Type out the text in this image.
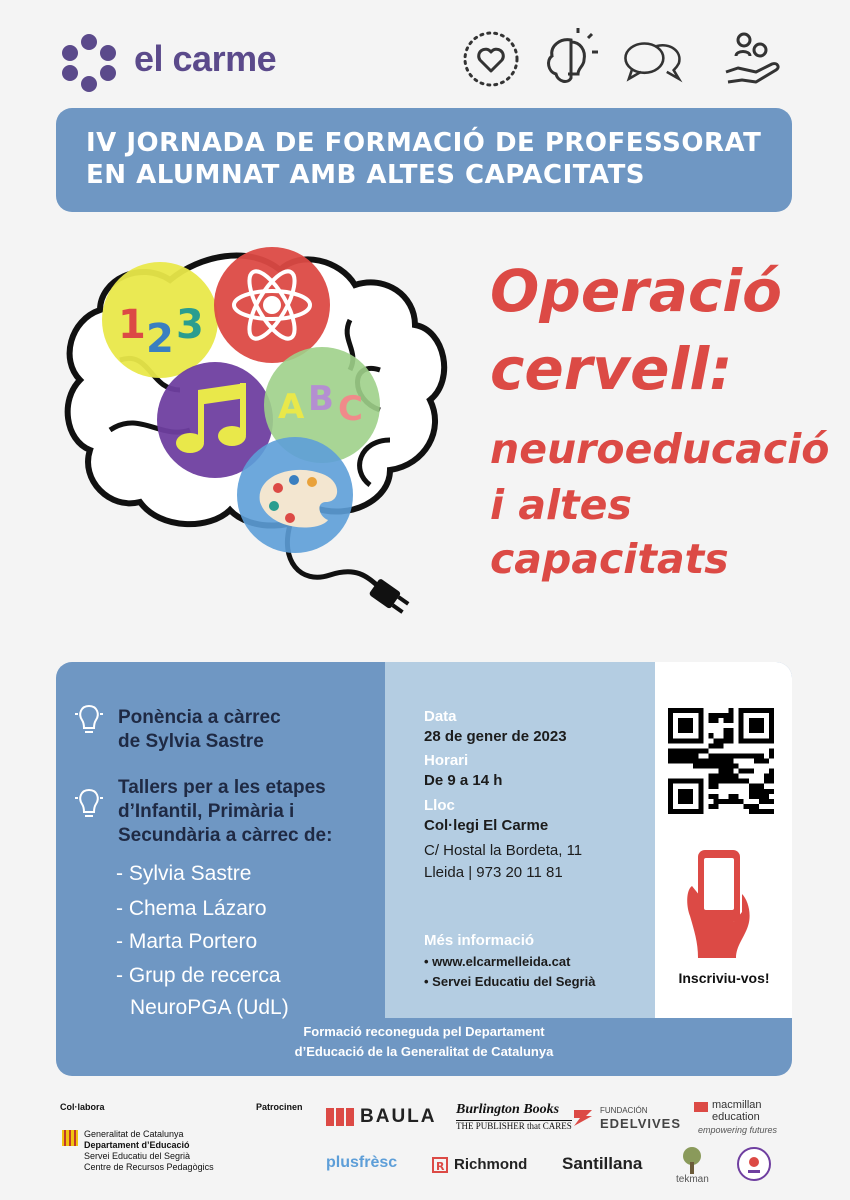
el carme
IV JORNADA DE FORMACIÓ DE PROFESSORAT
EN ALUMNAT AMB ALTES CAPACITATS
1 2 3
A B C
Operació
cervell:
neuroeducació
i altes
capacitats
Ponència a càrrec
de Sylvia Sastre
Tallers per a les etapes
d’Infantil, Primària i
Secundària a càrrec de:
- Sylvia Sastre
- Chema Lázaro
- Marta Portero
- Grup de recerca
NeuroPGA (UdL)
Data
28 de gener de 2023
Horari
De 9 a 14 h
Lloc
Col·legi El Carme
C/ Hostal la Bordeta, 11
Lleida | 973 20 11 81
Més informació
• www.elcarmelleida.cat
• Servei Educatiu del Segrià	Inscriviu-vos!
Formació reconeguda pel Departament
d’Educació de la Generalitat de Catalunya
Col·labora	Patrocinen
Generalitat de Catalunya
Departament d’Educació
Servei Educatiu del Segrià
Centre de Recursos Pedagògics
BAULA Burlington Books
THE PUBLISHER that CARES
FUNDACIÓN
EDELVIVES
macmillan
education
empowering futures
plusfrèsc	R Richmond Santillana
tekman
